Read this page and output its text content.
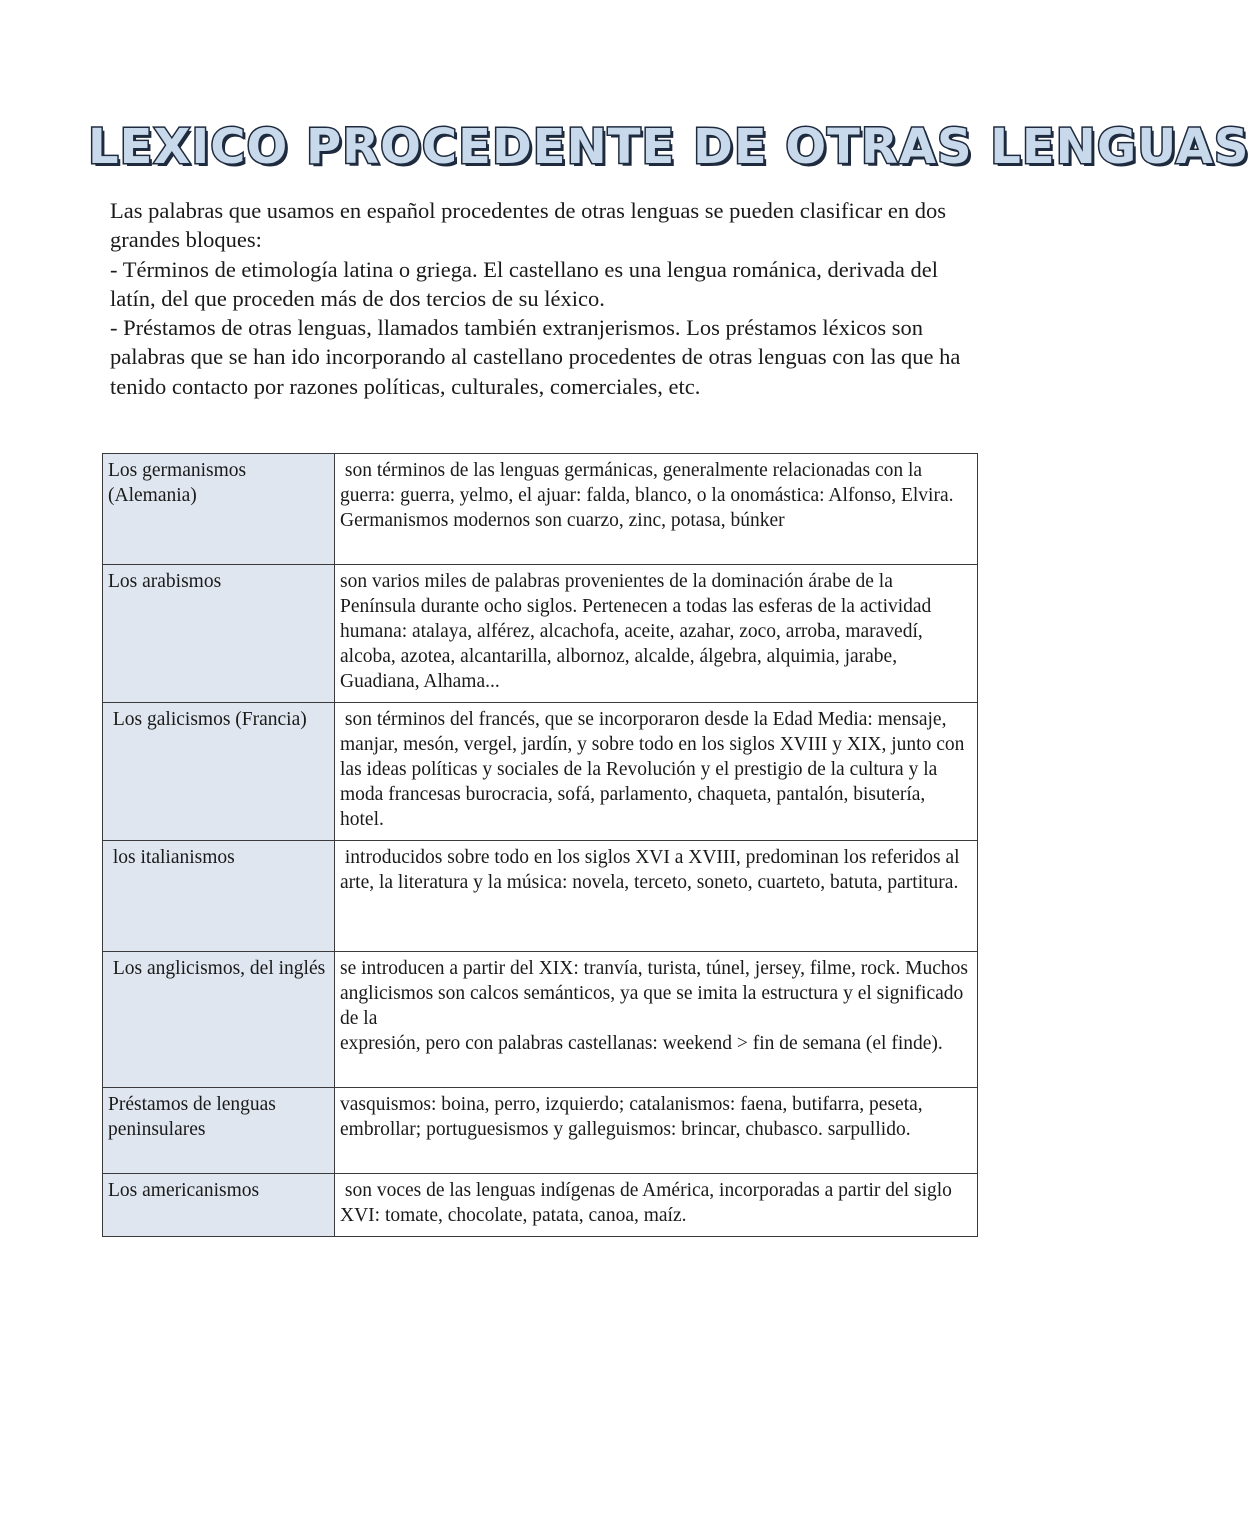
LEXICO PROCEDENTE DE OTRAS LENGUAS

Las palabras que usamos en español procedentes de otras lenguas se pueden clasificar en dos grandes bloques:

- Términos de etimología latina o griega. El castellano es una lengua románica, derivada del latín, del que proceden más de dos tercios de su léxico.

- Préstamos de otras lenguas, llamados también extranjerismos. Los préstamos léxicos son palabras que se han ido incorporando al castellano procedentes de otras lenguas con las que ha tenido contacto por razones políticas, culturales, comerciales, etc.

Los germanismos (Alemania)	son términos de las lenguas germánicas, generalmente relacionadas con la guerra: guerra, yelmo, el ajuar: falda, blanco, o la onomástica: Alfonso, Elvira. Germanismos modernos son cuarzo, zinc, potasa, búnker
Los arabismos	son varios miles de palabras provenientes de la dominación árabe de la Península durante ocho siglos. Pertenecen a todas las esferas de la actividad humana: atalaya, alférez, alcachofa, aceite, azahar, zoco, arroba, maravedí, alcoba, azotea, alcantarilla, albornoz, alcalde, álgebra, alquimia, jarabe, Guadiana, Alhama...
Los galicismos (Francia)	son términos del francés, que se incorporaron desde la Edad Media: mensaje, manjar, mesón, vergel, jardín, y sobre todo en los siglos XVIII y XIX, junto con las ideas políticas y sociales de la Revolución y el prestigio de la cultura y la moda francesas burocracia, sofá, parlamento, chaqueta, pantalón, bisutería, hotel.
los italianismos	introducidos sobre todo en los siglos XVI a XVIII, predominan los referidos al arte, la literatura y la música: novela, terceto, soneto, cuarteto, batuta, partitura.
Los anglicismos, del inglés	se introducen a partir del XIX: tranvía, turista, túnel, jersey, filme, rock. Muchos anglicismos son calcos semánticos, ya que se imita la estructura y el significado de la
expresión, pero con palabras castellanas: weekend > fin de semana (el finde).
Préstamos de lenguas peninsulares	vasquismos: boina, perro, izquierdo; catalanismos: faena, butifarra, peseta, embrollar; portuguesismos y galleguismos: brincar, chubasco. sarpullido.
Los americanismos	son voces de las lenguas indígenas de América, incorporadas a partir del siglo XVI: tomate, chocolate, patata, canoa, maíz.
